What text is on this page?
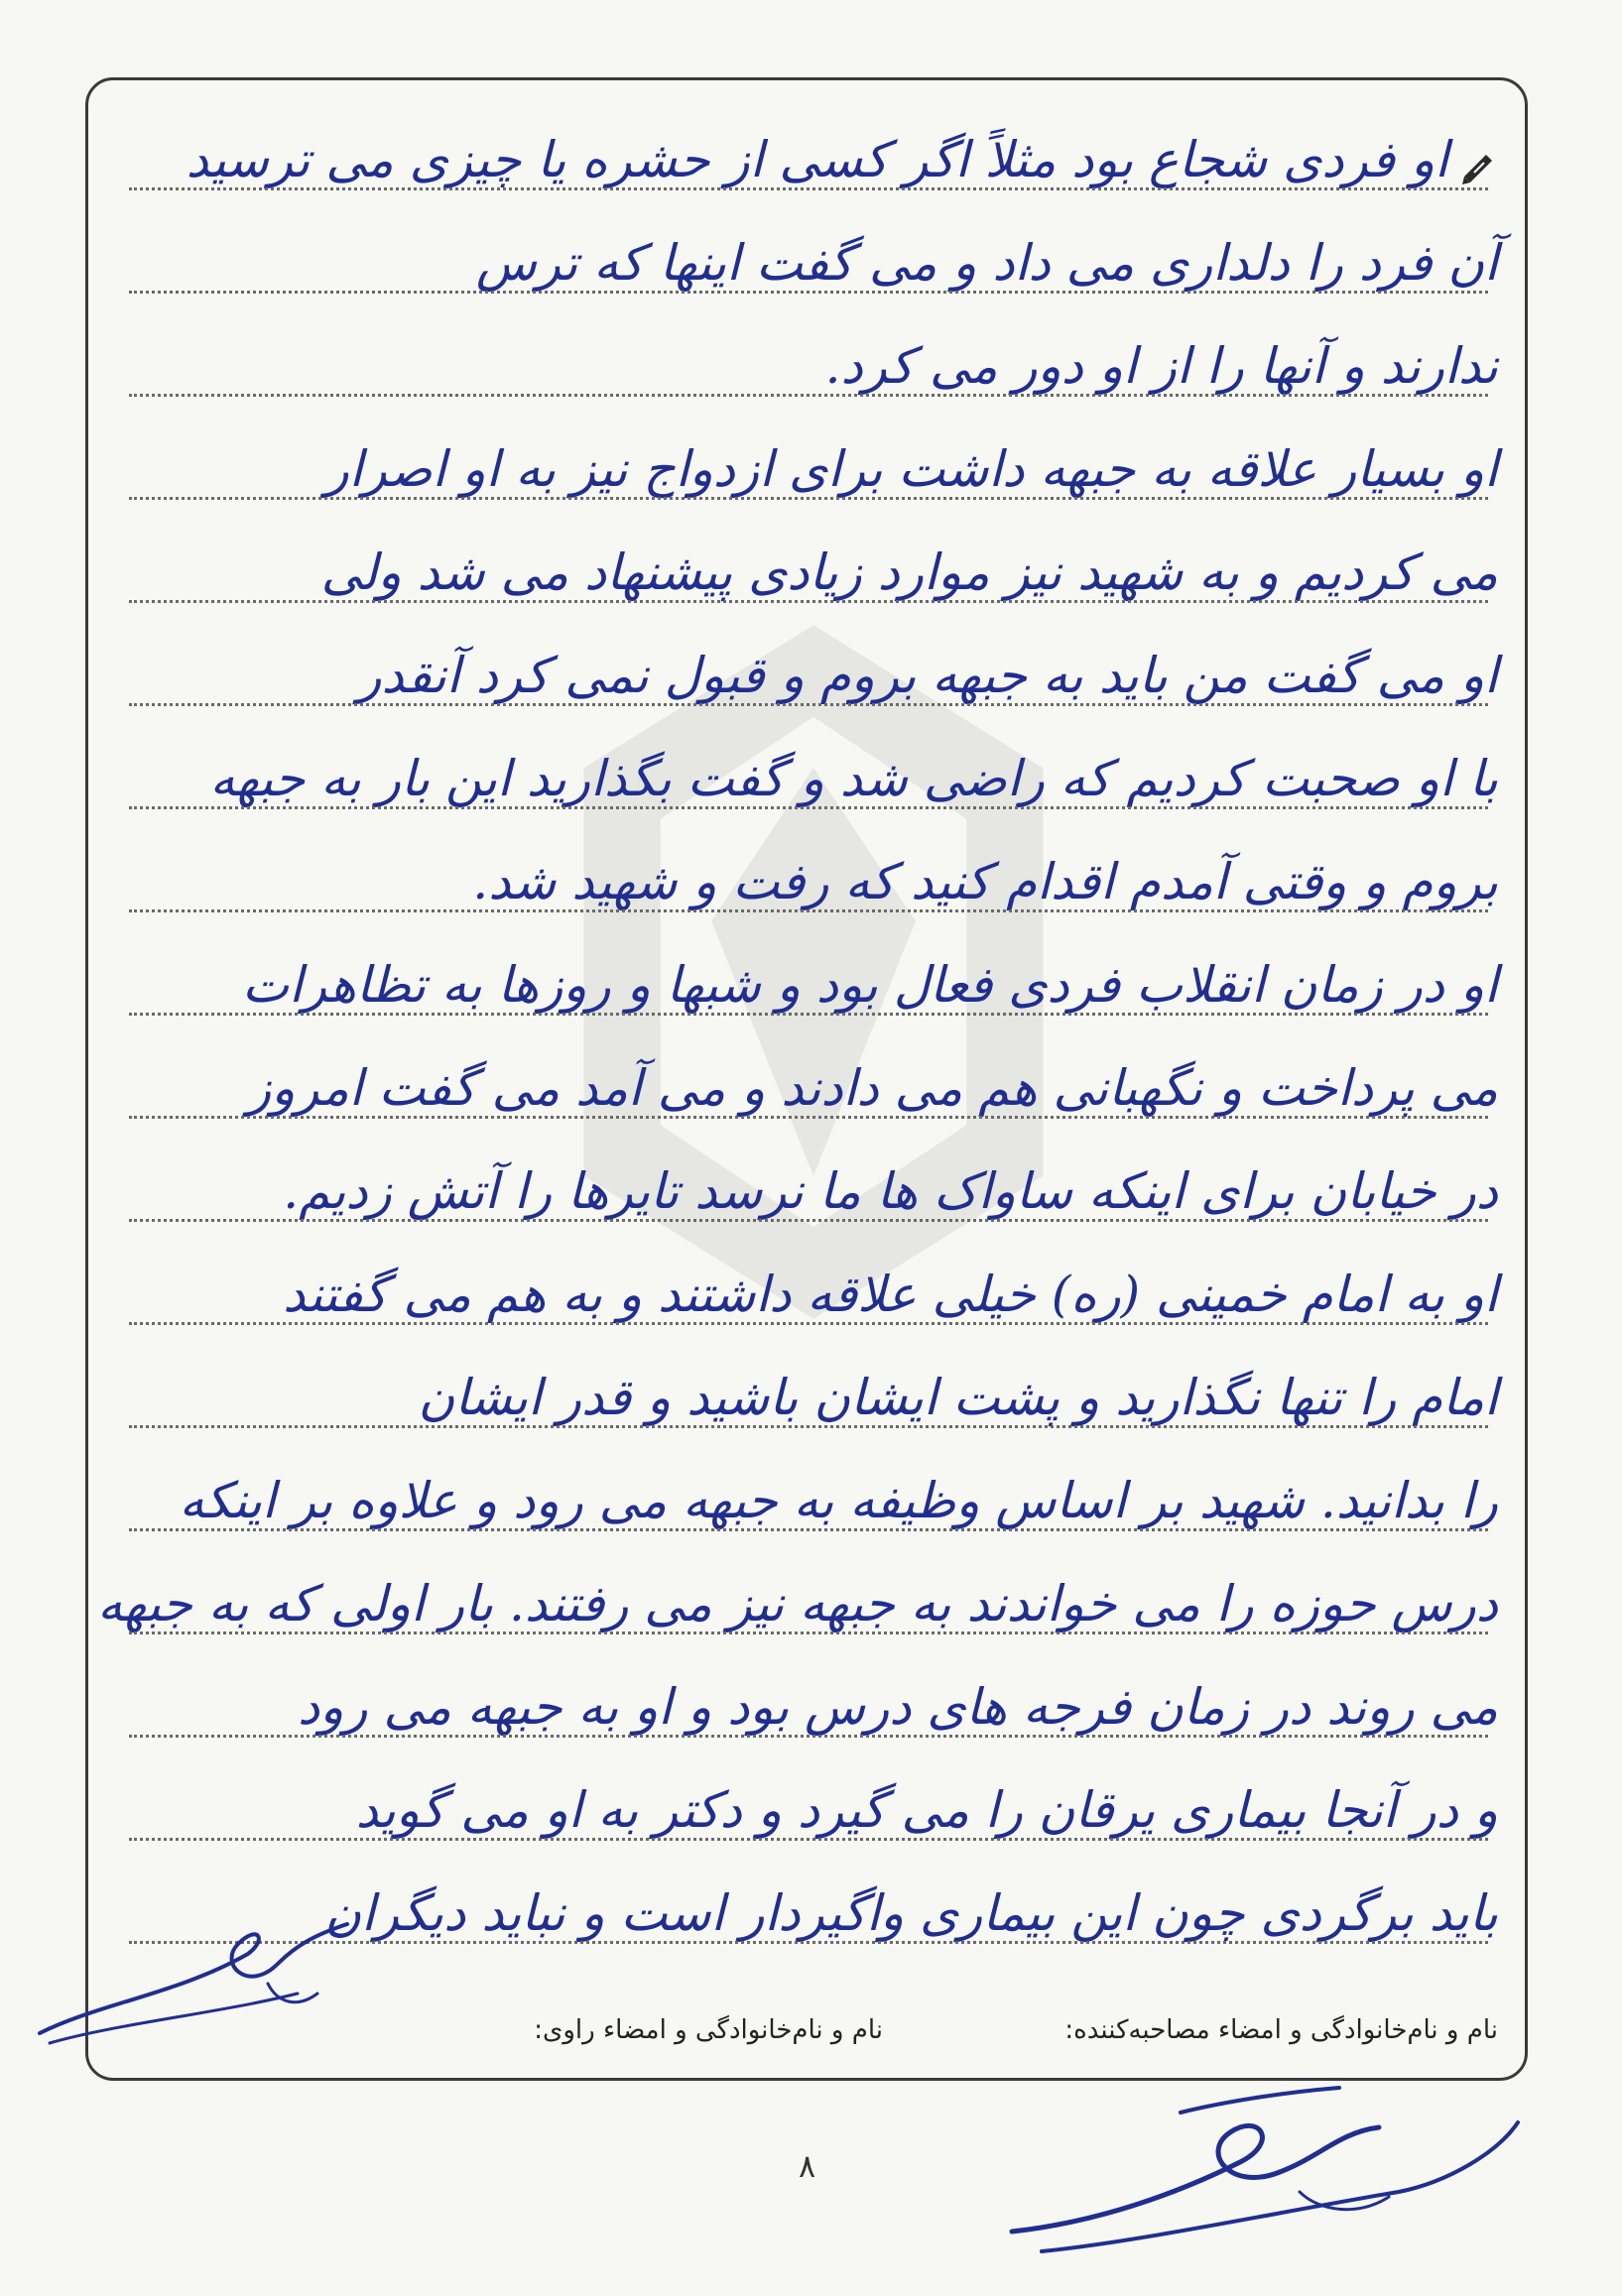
او فردی شجاع بود مثلاً اگر کسی از حشره یا چیزی می ترسید
آن فرد را دلداری می داد و می گفت اینها که ترس
ندارند و آنها را از او دور می کرد.
او بسیار علاقه به جبهه داشت برای ازدواج نیز به او اصرار
می کردیم و به شهید نیز موارد زیادی پیشنهاد می شد ولی
او می گفت من باید به جبهه بروم و قبول نمی کرد آنقدر
با او صحبت کردیم که راضی شد و گفت بگذارید این بار به جبهه
بروم و وقتی آمدم اقدام کنید که رفت و شهید شد.
او در زمان انقلاب فردی فعال بود و شبها و روزها به تظاهرات
می پرداخت و نگهبانی هم می دادند و می آمد می گفت امروز
در خیابان برای اینکه ساواک ها ما نرسد تایرها را آتش زدیم.
او به امام خمینی (ره) خیلی علاقه داشتند و به هم می گفتند
امام را تنها نگذارید و پشت ایشان باشید و قدر ایشان
را بدانید. شهید بر اساس وظیفه به جبهه می رود و علاوه بر اینکه
درس حوزه را می خواندند به جبهه نیز می رفتند. بار اولی که به جبهه
می روند در زمان فرجه های درس بود و او به جبهه می رود
و در آنجا بیماری یرقان را می گیرد و دکتر به او می گوید
باید برگردی چون این بیماری واگیردار است و نباید دیگران
نام و نام‌خانوادگی و امضاء مصاحبه‌کننده:
نام و نام‌خانوادگی و امضاء راوی:
۸
